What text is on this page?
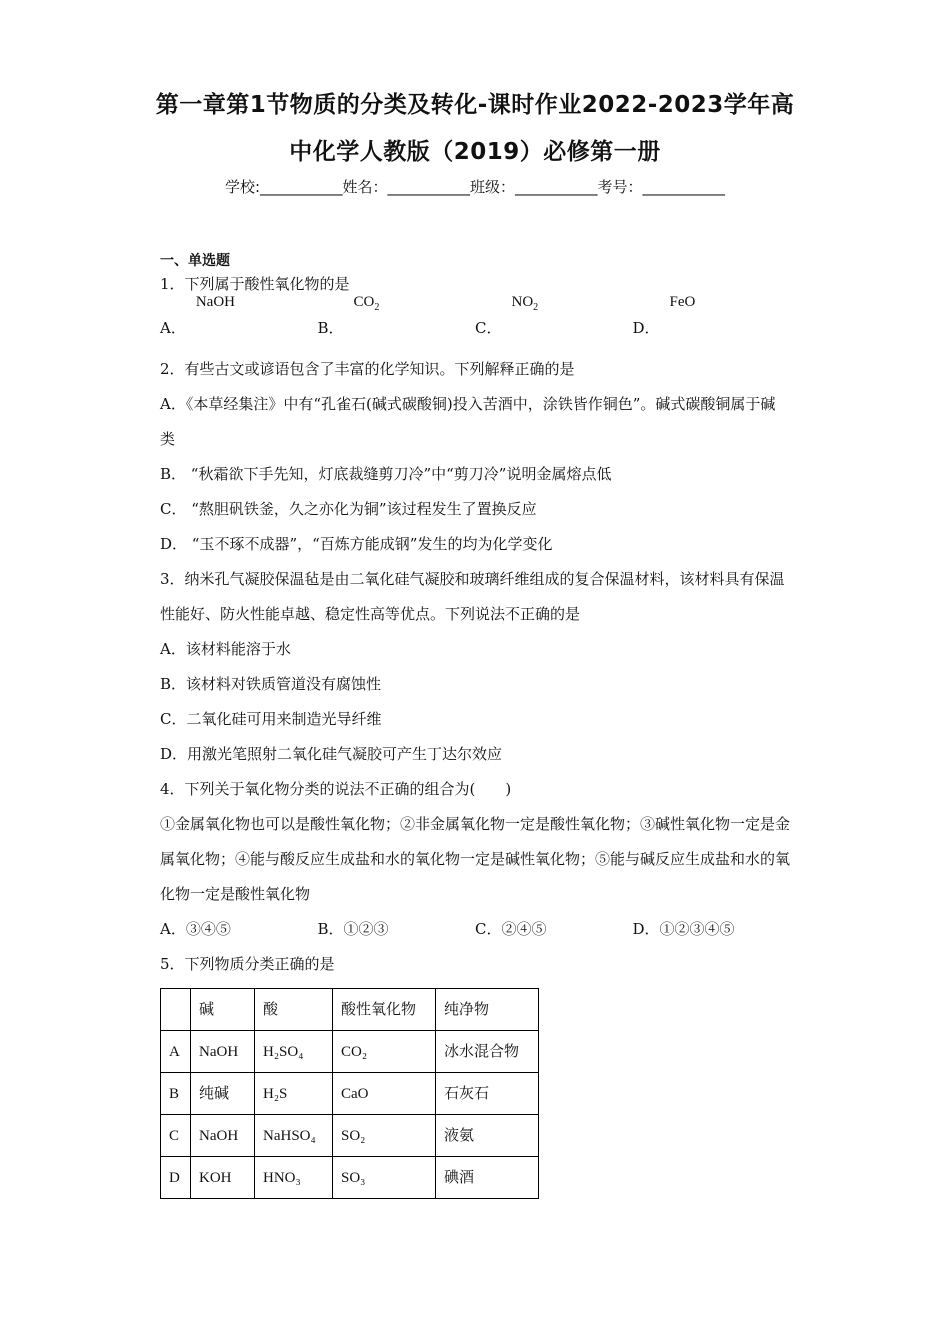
第一章第1节物质的分类及转化-课时作业2022-2023学年高
中化学人教版（2019）必修第一册
学校:___________姓名：___________班级：___________考号：___________
一、单选题
1．下列属于酸性氧化物的是
A．
NaOH
B．
$CO_2$
C．
$NO_2$
D．
FeO
2．有些古文或谚语包含了丰富的化学知识。下列解释正确的是
A．《本草经集注》中有“孔雀石(碱式碳酸铜)投入苦酒中，涂铁皆作铜色”。碱式碳酸铜属于碱类
B． “秋霜欲下手先知，灯底裁缝剪刀冷”中“剪刀冷”说明金属熔点低
C． “熬胆矾铁釜，久之亦化为铜”该过程发生了置换反应
D． “玉不琢不成器”，“百炼方能成钢”发生的均为化学变化
3．纳米孔气凝胶保温毡是由二氧化硅气凝胶和玻璃纤维组成的复合保温材料，该材料具有保温性能好、防火性能卓越、稳定性高等优点。下列说法不正确的是
A．该材料能溶于水
B．该材料对铁质管道没有腐蚀性
C．二氧化硅可用来制造光导纤维
D．用激光笔照射二氧化硅气凝胶可产生丁达尔效应
4．下列关于氧化物分类的说法不正确的组合为(　　)
①金属氧化物也可以是酸性氧化物；②非金属氧化物一定是酸性氧化物；③碱性氧化物一定是金属氧化物；④能与酸反应生成盐和水的氧化物一定是碱性氧化物；⑤能与碱反应生成盐和水的氧化物一定是酸性氧化物
A．③④⑤	B．①②③	C．②④⑤	D．①②③④⑤
5．下列物质分类正确的是
	碱	酸	酸性氧化物	纯净物
A	NaOH	H₂SO₄	CO₂	冰水混合物
B	纯碱	H₂S	CaO	石灰石
C	NaOH	NaHSO₄	SO₂	液氨
D	KOH	HNO₃	SO₃	碘酒
